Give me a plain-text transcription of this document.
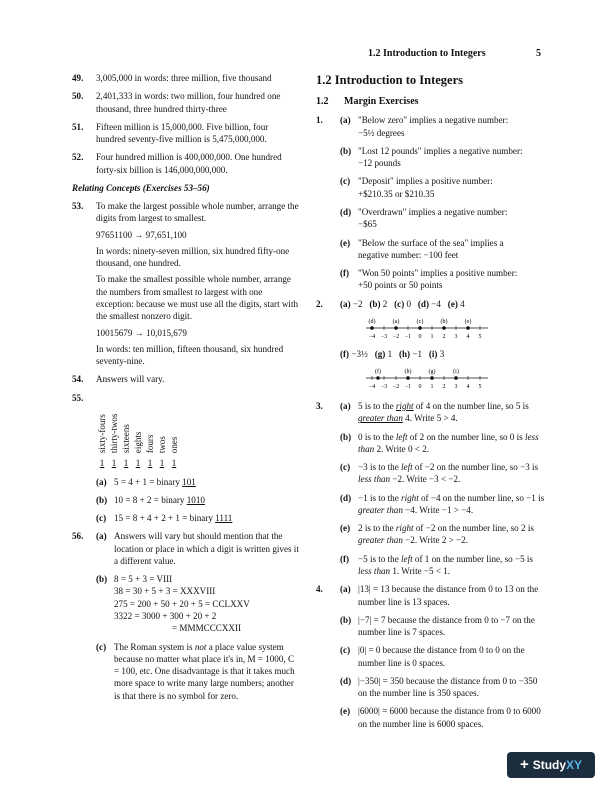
1.2 Introduction to Integers	5
49. 3,005,000 in words: three million, five thousand

50. 2,401,333 in words: two million, four hundred one thousand, three hundred thirty-three
51. Fifteen million is 15,000,000. Five billion, four hundred seventy-five million is 5,475,000,000.
52. Four hundred million is 400,000,000. One hundred forty-six billion is 146,000,000,000.
Relating Concepts (Exercises 53–56)
53. To make the largest possible whole number, arrange the digits from largest to smallest.

97651100 → 97,651,100

In words: ninety-seven million, six hundred fifty-one thousand, one hundred.

To make the smallest possible whole number, arrange the numbers from smallest to largest with one exception: because we must use all the digits, start with the smallest nonzero digit.

10015679 → 10,015,679

In words: ten million, fifteen thousand, six hundred seventy-nine.

54. Answers will vary.

55.
sixty-fours
1
thirty-twos
1
sixteens
1
eights
1
fours
1
twos
1
ones
1
(a) 5 = 4 + 1 = binary 101
(b) 10 = 8 + 2 = binary 1010
(c) 15 = 8 + 4 + 2 + 1 = binary 1111
56. (a) Answers will vary but should mention that the location or place in which a digit is written gives it a different value.
(b) 8 = 5 + 3 = VIII
38 = 30 + 5 + 3 = XXXVIII
275 = 200 + 50 + 20 + 5 = CCLXXV
3322 = 3000 + 300 + 20 + 2
= MMMCCCXXII
(c) The Roman system is not a place value system because no matter what place it's in, M = 1000, C = 100, etc. One disadvantage is that it takes much more space to write many large numbers; another is that there is no symbol for zero.
1.2 Introduction to Integers
1.2 Margin Exercises
1. (a) "Below zero" implies a negative number:
−5½ degrees
(b) "Lost 12 pounds" implies a negative number:
−12 pounds
(c) "Deposit" implies a positive number:
+$210.35 or $210.35
(d) "Overdrawn" implies a negative number:
−$65
(e) "Below the surface of the sea" implies a
negative number: −100 feet
(f) "Won 50 points" implies a positive number:
+50 points or 50 points
2. (a) −2   (b) 2   (c) 0   (d) −4   (e) 4
−4 −3 −2 −1 0 1 2 3 4 5
(d)	(a)	(c)	(b)	(e)
(f) −3½   (g) 1   (h) −1   (i) 3
−4 −3 −2 −1 0 1 2 3 4 5
(f)	(h)	(g)	(i)
3. (a) 5 is to the right of 4 on the number line, so 5 is greater than 4. Write 5 > 4.
(b) 0 is to the left of 2 on the number line, so 0 is less than 2. Write 0 < 2.
(c) −3 is to the left of −2 on the number line, so −3 is less than −2. Write −3 < −2.
(d) −1 is to the right of −4 on the number line, so −1 is greater than −4. Write −1 > −4.
(e) 2 is to the right of −2 on the number line, so 2 is greater than −2. Write 2 > −2.
(f) −5 is to the left of 1 on the number line, so −5 is less than 1. Write −5 < 1.
4. (a) |13| = 13 because the distance from 0 to 13 on the number line is 13 spaces.
(b) |−7| = 7 because the distance from 0 to −7 on the number line is 7 spaces.
(c) |0| = 0 because the distance from 0 to 0 on the number line is 0 spaces.
(d) |−350| = 350 because the distance from 0 to −350 on the number line is 350 spaces.
(e) |6000| = 6000 because the distance from 0 to 6000 on the number line is 6000 spaces.
+ StudyXY
